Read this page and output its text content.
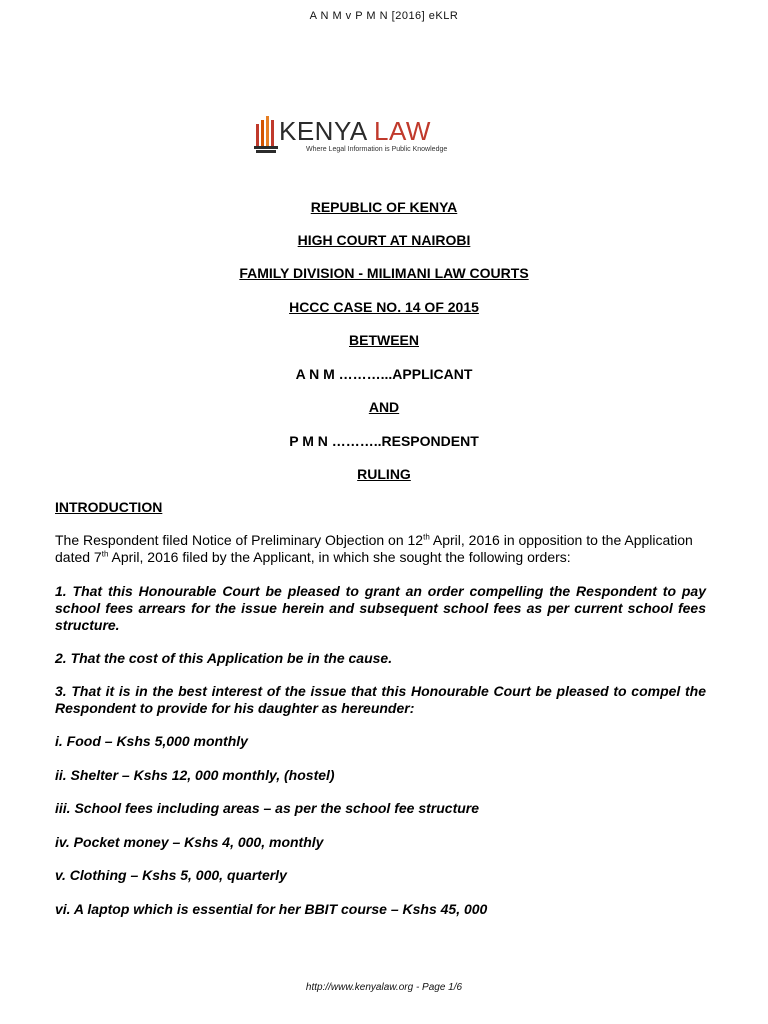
A N M v P M N [2016] eKLR
KENYA LAW
Where Legal Information is Public Knowledge
REPUBLIC OF KENYA
HIGH COURT AT NAIROBI
FAMILY DIVISION - MILIMANI LAW COURTS
HCCC CASE NO. 14 OF 2015
BETWEEN
A N M ………...APPLICANT
AND
P M N ………..RESPONDENT
RULING
INTRODUCTION
The Respondent filed Notice of Preliminary Objection on 12th April, 2016 in opposition to the Application dated 7th April, 2016 filed by the Applicant, in which she sought the following orders:
1. That this Honourable Court be pleased to grant an order compelling the Respondent to pay school fees arrears for the issue herein and subsequent school fees as per current school fees structure.
2. That the cost of this Application be in the cause.
3. That it is in the best interest of the issue that this Honourable Court be pleased to compel the Respondent to provide for his daughter as hereunder:
i. Food – Kshs 5,000 monthly
ii. Shelter – Kshs 12, 000 monthly, (hostel)
iii. School fees including areas – as per the school fee structure
iv. Pocket money – Kshs 4, 000, monthly
v. Clothing – Kshs 5, 000, quarterly
vi. A laptop which is essential for her BBIT course – Kshs 45, 000
http://www.kenyalaw.org - Page 1/6
